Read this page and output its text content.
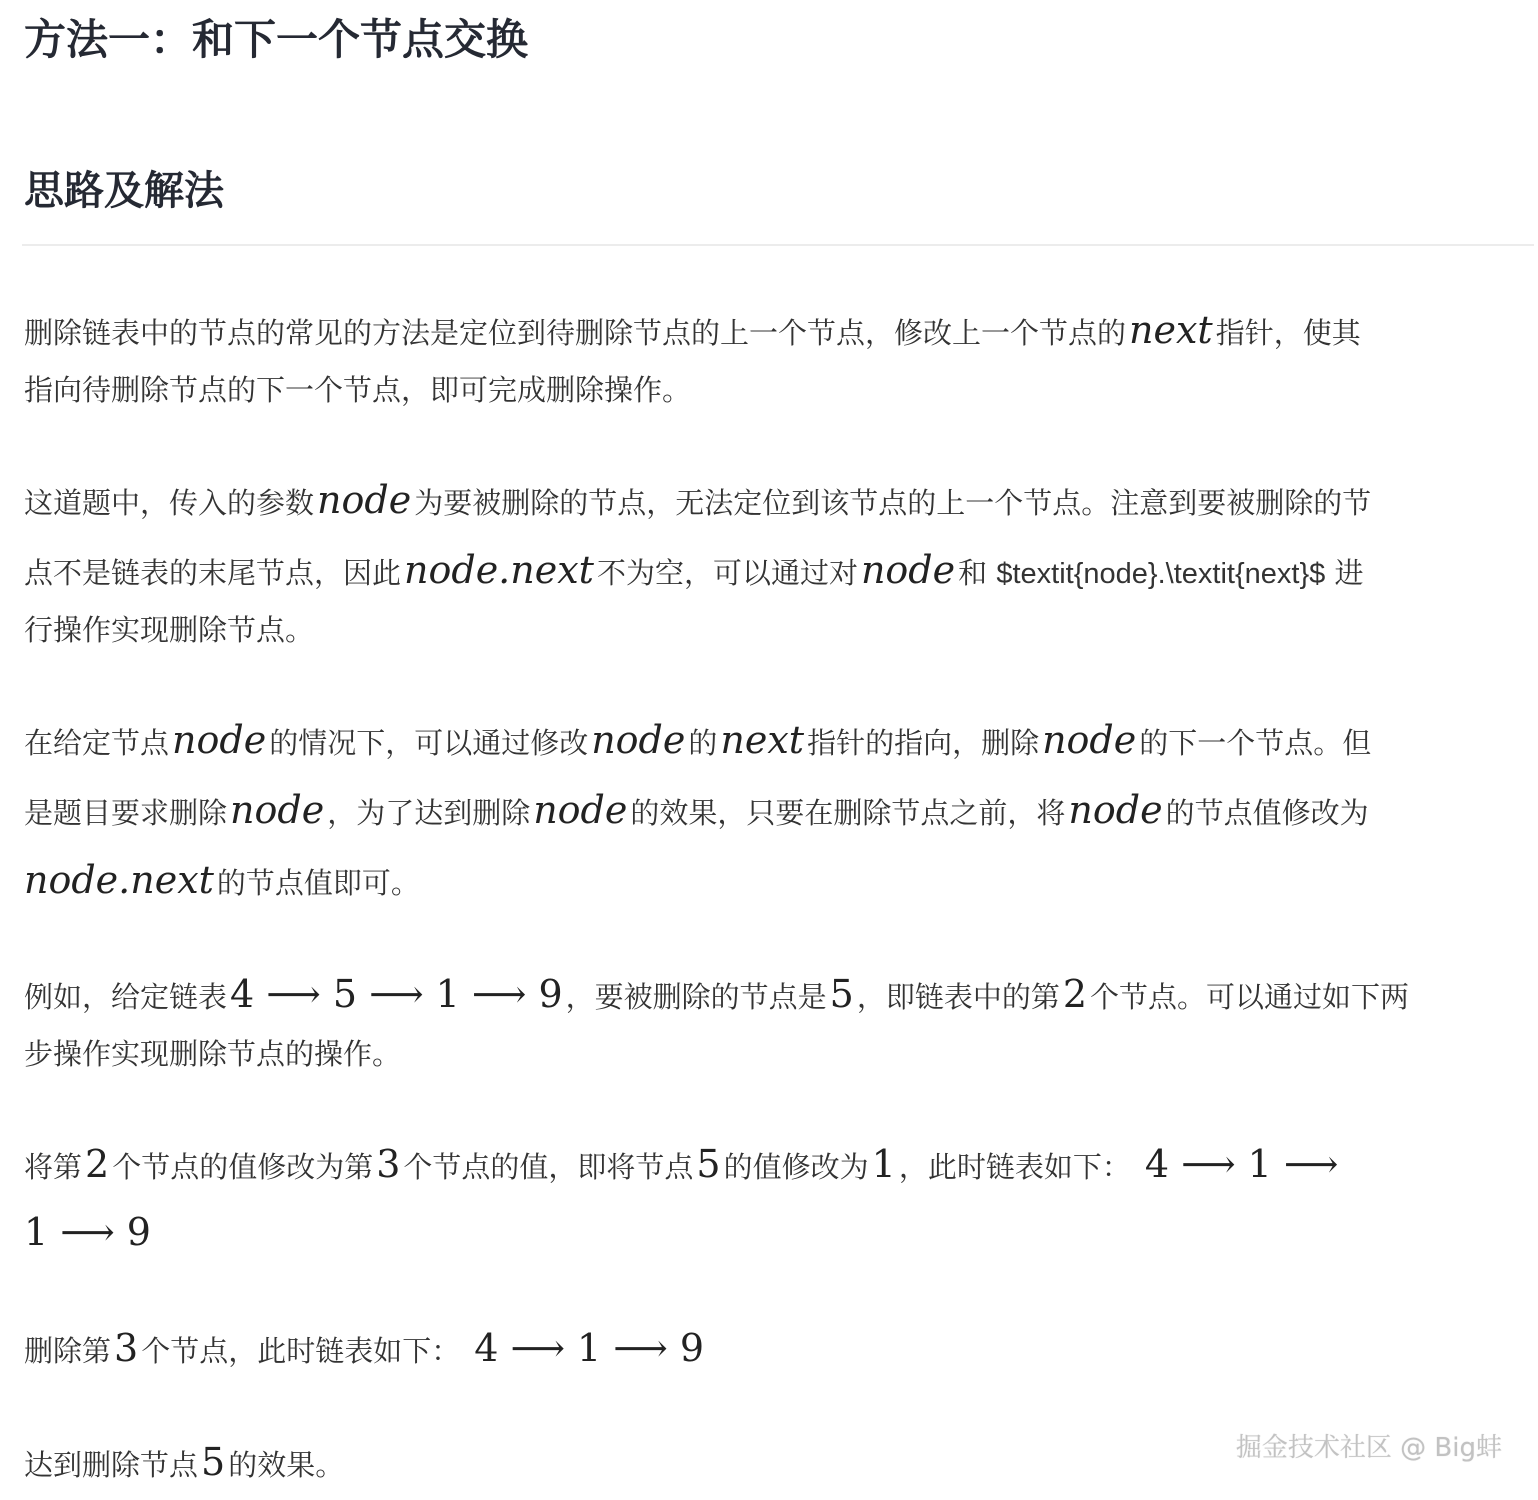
方法一：和下一个节点交换
思路及解法
删除链表中的节点的常见的方法是定位到待删除节点的上一个节点，修改上一个节点的next 指针，使其
指向待删除节点的下一个节点，即可完成删除操作。
这道题中，传入的参数node 为要被删除的节点，无法定位到该节点的上一个节点。注意到要被删除的节
点不是链表的末尾节点，因此node.next 不为空，可以通过对node 和 $textit{node}.\textit{next}$ 进
行操作实现删除节点。
在给定节点node 的情况下，可以通过修改node 的next 指针的指向，删除node 的下一个节点。但
是题目要求删除node ，为了达到删除node 的效果，只要在删除节点之前，将node 的节点值修改为
node.next 的节点值即可。
例如，给定链表4 ⟶ 5 ⟶ 1 ⟶ 9 ，要被删除的节点是5 ，即链表中的第2 个节点。可以通过如下两
步操作实现删除节点的操作。
将第2 个节点的值修改为第3 个节点的值，即将节点5 的值修改为1 ，此时链表如下： 4 ⟶ 1 ⟶
1 ⟶ 9
删除第3 个节点，此时链表如下： 4 ⟶ 1 ⟶ 9
达到删除节点5 的效果。	掘金技术社区 @ Big蚌
